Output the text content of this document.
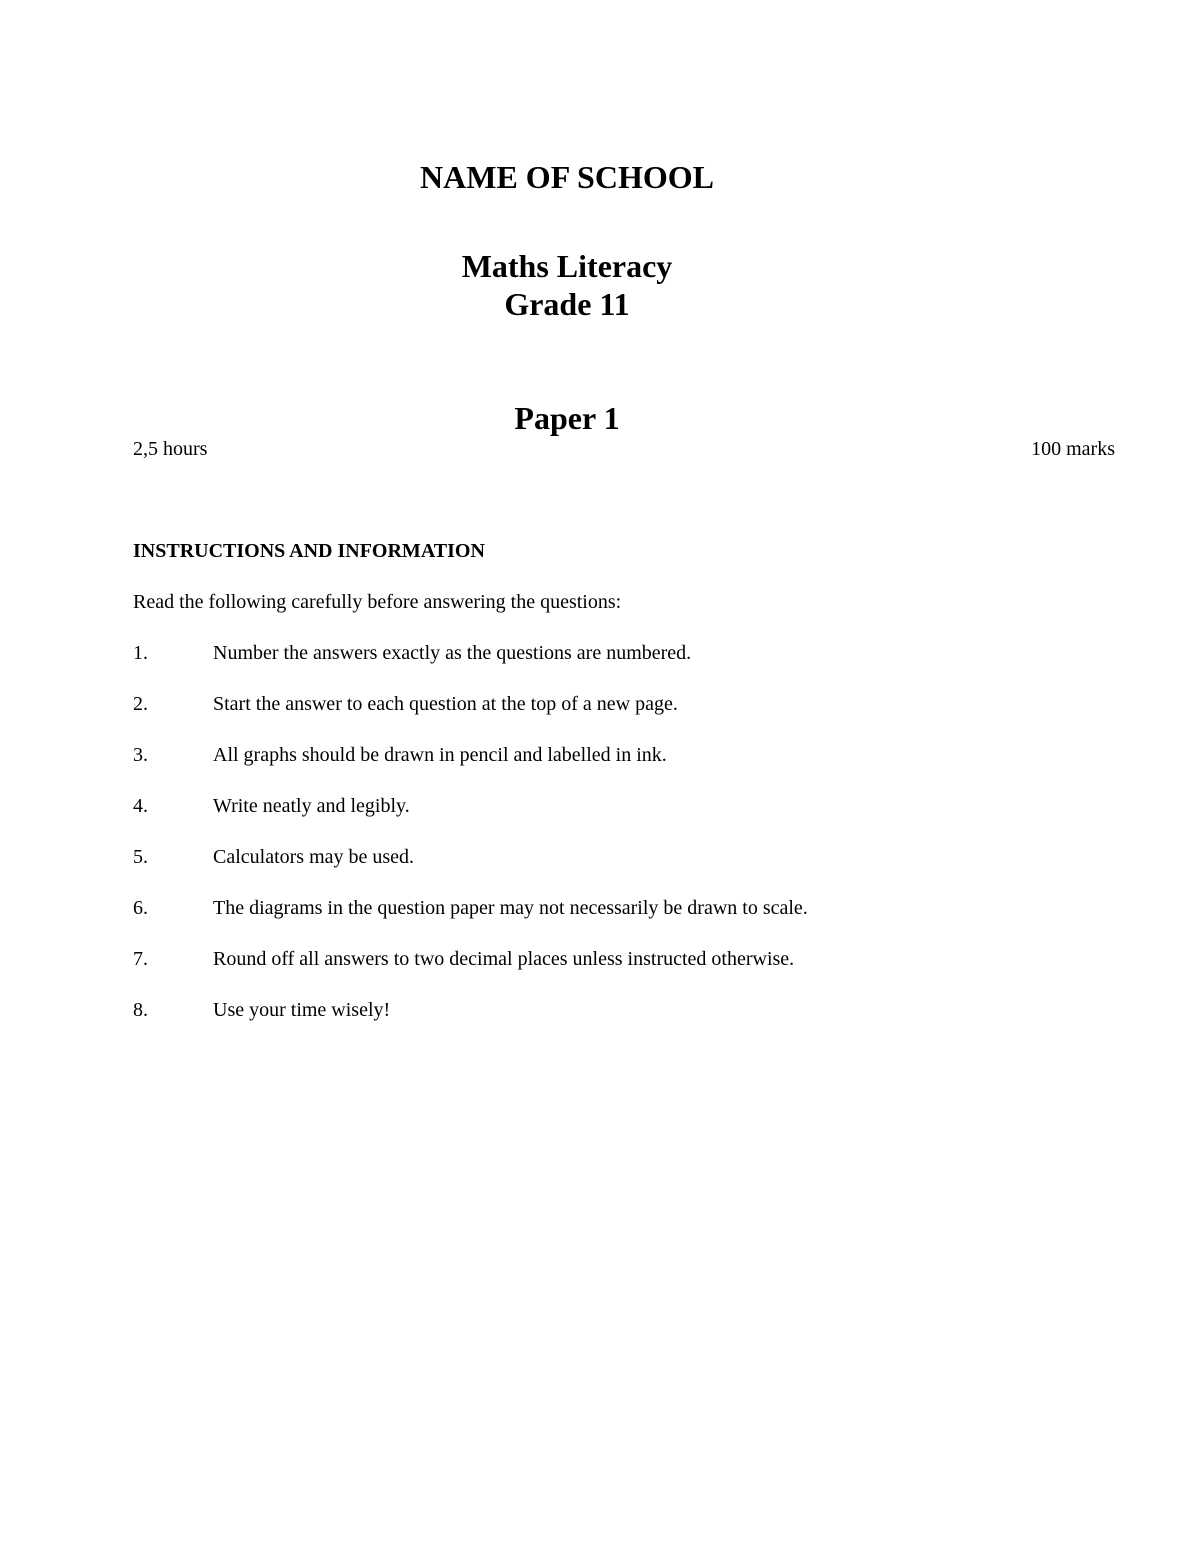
NAME OF SCHOOL
Maths Literacy
Grade 11
Paper 1
2,5 hours	100 marks
INSTRUCTIONS AND INFORMATION
Read the following carefully before answering the questions:
1.	Number the answers exactly as the questions are numbered.
2.	Start the answer to each question at the top of a new page.
3.	All graphs should be drawn in pencil and labelled in ink.
4.	Write neatly and legibly.
5.	Calculators may be used.
6.	The diagrams in the question paper may not necessarily be drawn to scale.
7.	Round off all answers to two decimal places unless instructed otherwise.
8.	Use your time wisely!
